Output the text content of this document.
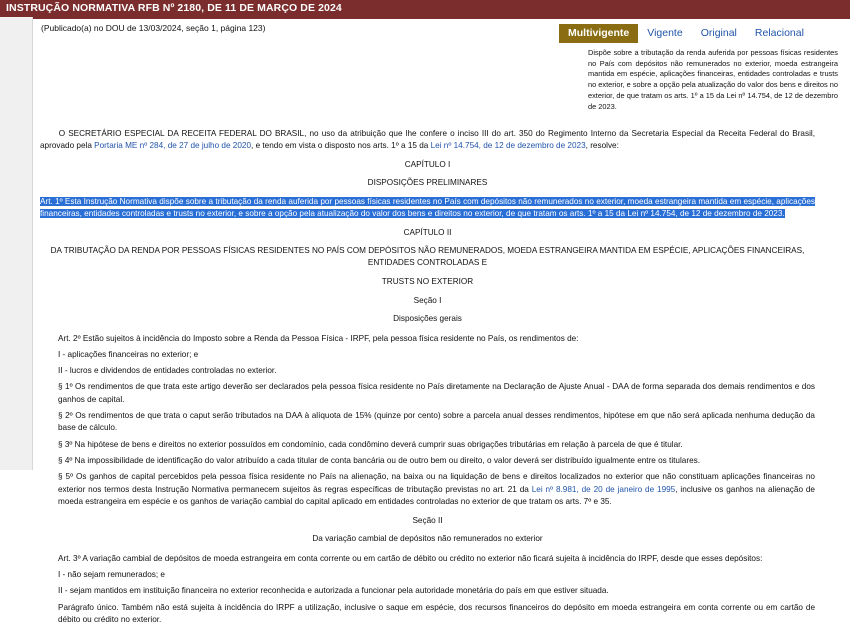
INSTRUÇÃO NORMATIVA RFB Nº 2180, DE 11 DE MARÇO DE 2024
(Publicado(a) no DOU de 13/03/2024, seção 1, página 123)	Multivigente	Vigente	Original	Relacional
Dispõe sobre a tributação da renda auferida por pessoas físicas residentes no País com depósitos não remunerados no exterior, moeda estrangeira mantida em espécie, aplicações financeiras, entidades controladas e trusts no exterior, e sobre a opção pela atualização do valor dos bens e direitos no exterior, de que tratam os arts. 1º a 15 da Lei nº 14.754, de 12 de dezembro de 2023.

O SECRETÁRIO ESPECIAL DA RECEITA FEDERAL DO BRASIL, no uso da atribuição que lhe confere o inciso III do art. 350 do Regimento Interno da Secretaria Especial da Receita Federal do Brasil, aprovado pela Portaria ME nº 284, de 27 de julho de 2020, e tendo em vista o disposto nos arts. 1º a 15 da Lei nº 14.754, de 12 de dezembro de 2023, resolve:

CAPÍTULO I

DISPOSIÇÕES PRELIMINARES

Art. 1º Esta Instrução Normativa dispõe sobre a tributação da renda auferida por pessoas físicas residentes no País com depósitos não remunerados no exterior, moeda estrangeira mantida em espécie, aplicações financeiras, entidades controladas e trusts no exterior, e sobre a opção pela atualização do valor dos bens e direitos no exterior, de que tratam os arts. 1º a 15 da Lei nº 14.754, de 12 de dezembro de 2023.

CAPÍTULO II

DA TRIBUTAÇÃO DA RENDA POR PESSOAS FÍSICAS RESIDENTES NO PAÍS COM DEPÓSITOS NÃO REMUNERADOS, MOEDA ESTRANGEIRA MANTIDA EM ESPÉCIE, APLICAÇÕES FINANCEIRAS, ENTIDADES CONTROLADAS E

TRUSTS NO EXTERIOR

Seção I

Disposições gerais

Art. 2º Estão sujeitos à incidência do Imposto sobre a Renda da Pessoa Física - IRPF, pela pessoa física residente no País, os rendimentos de:

I - aplicações financeiras no exterior; e

II - lucros e dividendos de entidades controladas no exterior.

§ 1º Os rendimentos de que trata este artigo deverão ser declarados pela pessoa física residente no País diretamente na Declaração de Ajuste Anual - DAA de forma separada dos demais rendimentos e dos ganhos de capital.

§ 2º Os rendimentos de que trata o caput serão tributados na DAA à alíquota de 15% (quinze por cento) sobre a parcela anual desses rendimentos, hipótese em que não será aplicada nenhuma dedução da base de cálculo.

§ 3º Na hipótese de bens e direitos no exterior possuídos em condomínio, cada condômino deverá cumprir suas obrigações tributárias em relação à parcela de que é titular.

§ 4º Na impossibilidade de identificação do valor atribuído a cada titular de conta bancária ou de outro bem ou direito, o valor deverá ser distribuído igualmente entre os titulares.

§ 5º Os ganhos de capital percebidos pela pessoa física residente no País na alienação, na baixa ou na liquidação de bens e direitos localizados no exterior que não constituam aplicações financeiras no exterior nos termos desta Instrução Normativa permanecem sujeitos às regras específicas de tributação previstas no art. 21 da Lei nº 8.981, de 20 de janeiro de 1995, inclusive os ganhos na alienação de moeda estrangeira em espécie e os ganhos de variação cambial do capital aplicado em entidades controladas no exterior de que tratam os arts. 7º e 35.

Seção II

Da variação cambial de depósitos não remunerados no exterior

Art. 3º A variação cambial de depósitos de moeda estrangeira em conta corrente ou em cartão de débito ou crédito no exterior não ficará sujeita à incidência do IRPF, desde que esses depósitos:

I - não sejam remunerados; e

II - sejam mantidos em instituição financeira no exterior reconhecida e autorizada a funcionar pela autoridade monetária do país em que estiver situada.

Parágrafo único. Também não está sujeita à incidência do IRPF a utilização, inclusive o saque em espécie, dos recursos financeiros do depósito em moeda estrangeira em conta corrente ou em cartão de débito ou crédito no exterior.
